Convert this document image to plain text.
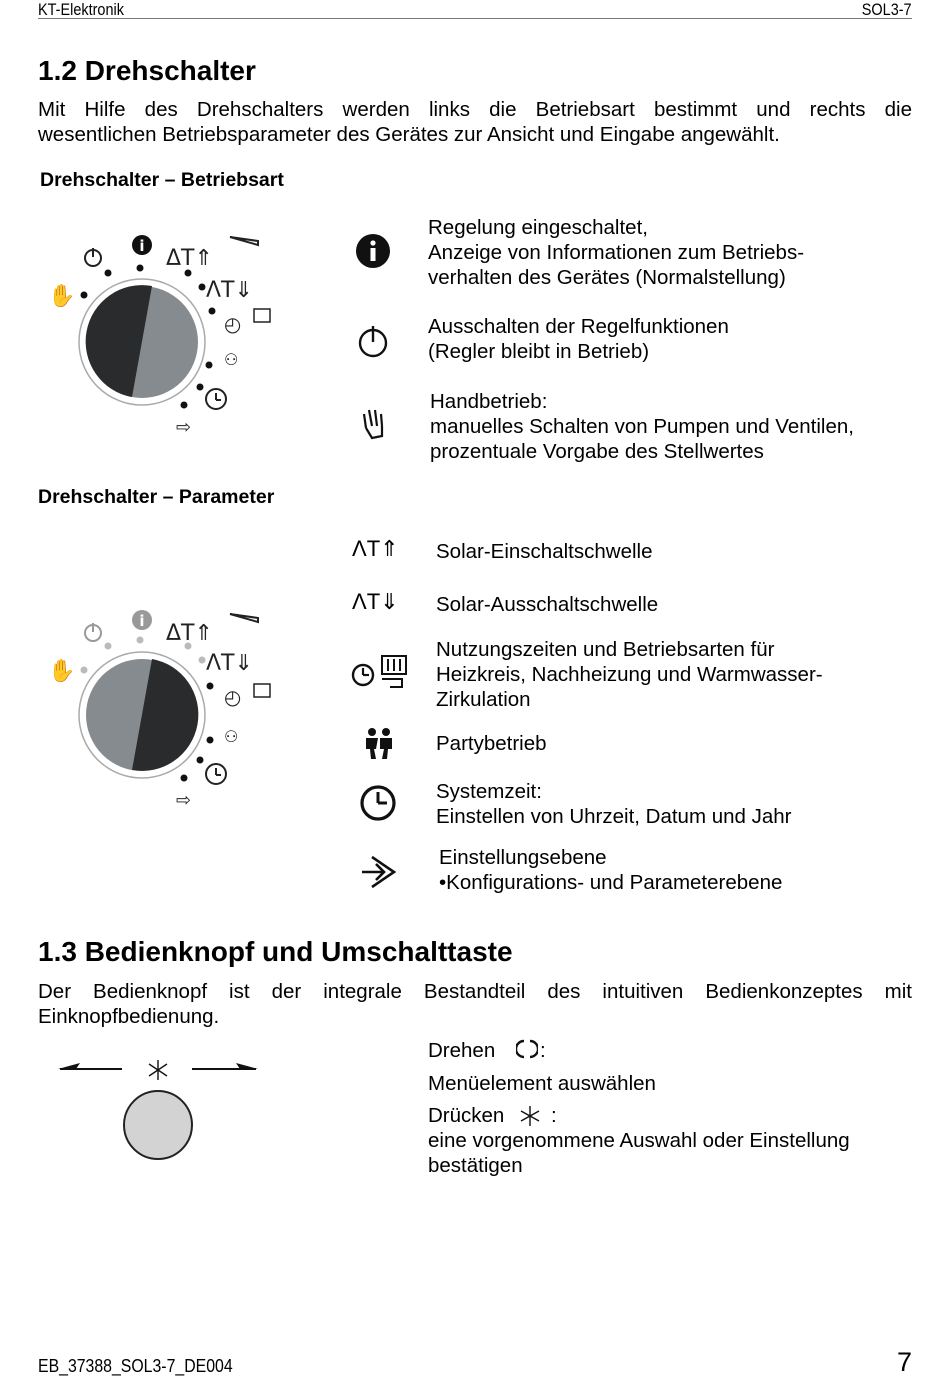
KT-Elektronik	SOL3-7
1.2 Drehschalter
Mit Hilfe des Drehschalters werden links die Betriebsart bestimmt und rechts die
wesentlichen Betriebsparameter des Gerätes zur Ansicht und Eingabe angewählt.
Drehschalter – Betriebsart
i ΔT⇑
ΛT⇓
◴
⚇
⇨
✋
Regelung eingeschaltet,
Anzeige von Informationen zum Betriebs-
verhalten des Gerätes (Normalstellung)
Ausschalten der Regelfunktionen
(Regler bleibt in Betrieb)
Handbetrieb:
manuelles Schalten von Pumpen und Ventilen,
prozentuale Vorgabe des Stellwertes
Drehschalter – Parameter
i ΔT⇑
ΛT⇓
◴
⚇
⇨
✋
ΛT⇑ Solar-Einschaltschwelle
ΛT⇓ Solar-Ausschaltschwelle
Nutzungszeiten und Betriebsarten für
Heizkreis, Nachheizung und Warmwasser-
Zirkulation
Partybetrieb
Systemzeit:
Einstellen von Uhrzeit, Datum und Jahr
Einstellungsebene
•Konfigurations- und Parameterebene
1.3 Bedienknopf und Umschalttaste
Der Bedienknopf ist der integrale Bestandteil des intuitiven Bedienkonzeptes mit
Einknopfbedienung.
Drehen :
Menüelement auswählen
Drücken :
eine vorgenommene Auswahl oder Einstellung
bestätigen
EB_37388_SOL3-7_DE004	7
